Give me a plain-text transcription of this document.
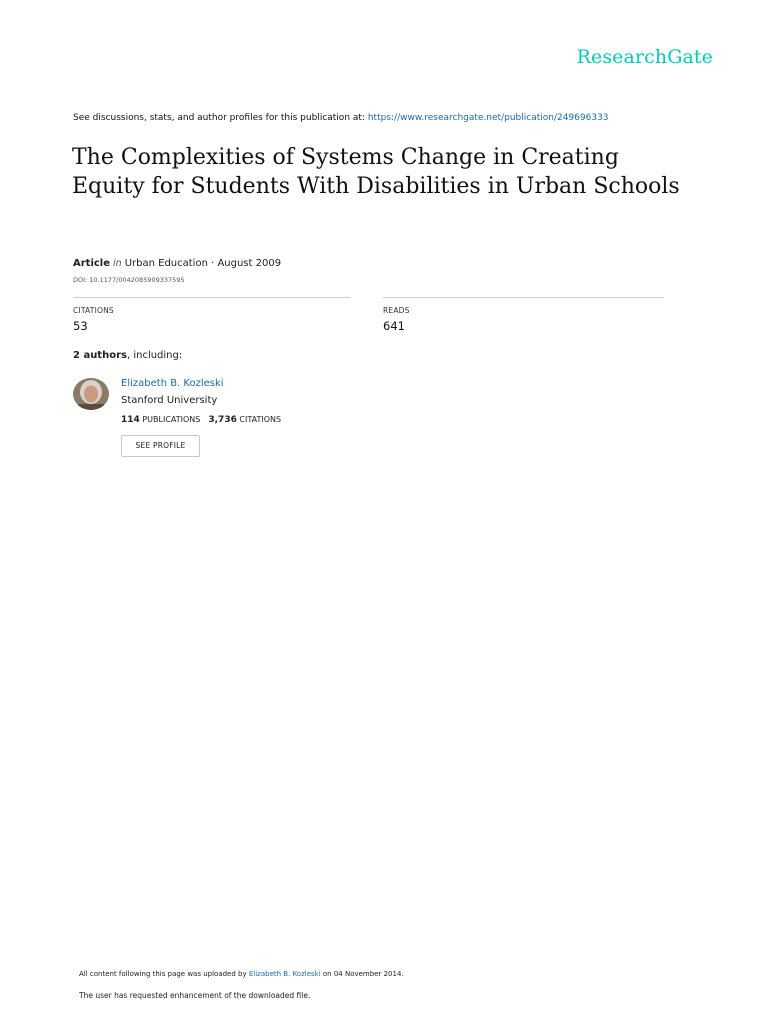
ResearchGate
See discussions, stats, and author profiles for this publication at: https://www.researchgate.net/publication/249696333
The Complexities of Systems Change in Creating Equity for Students With Disabilities in Urban Schools
Article in Urban Education · August 2009
DOI: 10.1177/0042085909337595
CITATIONS
53
READS
641
2 authors, including:
Elizabeth B. Kozleski
Stanford University
114 PUBLICATIONS 3,736 CITATIONS
SEE PROFILE
All content following this page was uploaded by Elizabeth B. Kozleski on 04 November 2014.
The user has requested enhancement of the downloaded file.
